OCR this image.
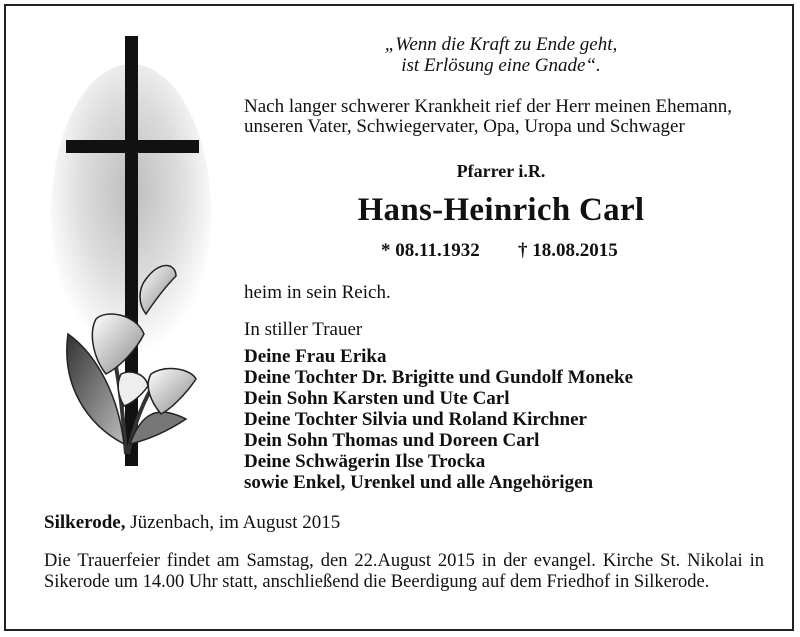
„Wenn die Kraft zu Ende geht,
ist Erlösung eine Gnade“.
Nach langer schwerer Krankheit rief der Herr meinen Ehemann,
unseren Vater, Schwiegervater, Opa, Uropa und Schwager
Pfarrer i.R.
Hans-Heinrich Carl
* 08.11.1932 † 18.08.2015
heim in sein Reich.
In stiller Trauer
Deine Frau Erika
Deine Tochter Dr. Brigitte und Gundolf Moneke
Dein Sohn Karsten und Ute Carl
Deine Tochter Silvia und Roland Kirchner
Dein Sohn Thomas und Doreen Carl
Deine Schwägerin Ilse Trocka
sowie Enkel, Urenkel und alle Angehörigen
Silkerode, Jüzenbach, im August 2015

Die Trauerfeier findet am Samstag, den 22.August 2015 in der evangel. Kirche St. Nikolai in Sikerode um 14.00 Uhr statt, anschließend die Beerdigung auf dem Friedhof in Silkerode.
